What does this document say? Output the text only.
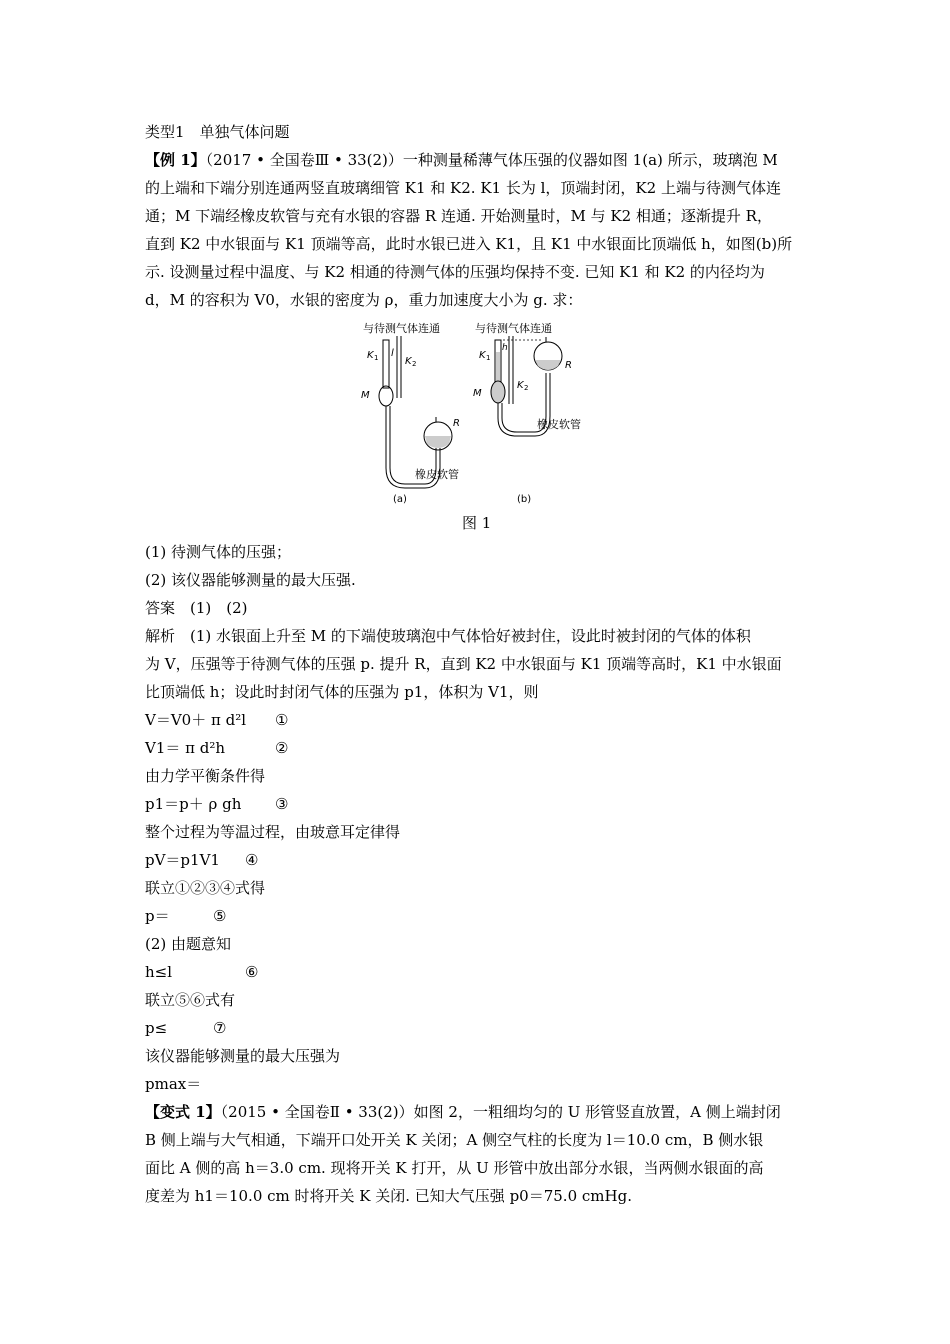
类型1　单独气体问题
【例 1】（2017 • 全国卷Ⅲ • 33(2)）一种测量稀薄气体压强的仪器如图 1(a) 所示，玻璃泡 M
的上端和下端分别连通两竖直玻璃细管 K1 和 K2. K1 长为 l，顶端封闭，K2 上端与待测气体连
通；M 下端经橡皮软管与充有水银的容器 R 连通. 开始测量时，M 与 K2 相通；逐渐提升 R，
直到 K2 中水银面与 K1 顶端等高，此时水银已进入 K1，且 K1 中水银面比顶端低 h，如图(b)所
示. 设测量过程中温度、与 K2 相通的待测气体的压强均保持不变. 已知 K1 和 K2 的内径均为
d，M 的容积为 V0，水银的密度为 ρ，重力加速度大小为 g. 求：
与待测气体连通
K 1	K 2
l
M
R
橡皮软管
(a)
与待测气体连通
K 1
h
K 2
M
R
橡皮软管
(b)
图 1
(1) 待测气体的压强；
(2) 该仪器能够测量的最大压强.
答案　(1)　(2)
解析　(1) 水银面上升至 M 的下端使玻璃泡中气体恰好被封住，设此时被封闭的气体的体积
为 V，压强等于待测气体的压强 p. 提升 R，直到 K2 中水银面与 K1 顶端等高时，K1 中水银面
比顶端低 h；设此时封闭气体的压强为 p1，体积为 V1，则
V＝V0＋ π d²l ①
V1＝ π d²h	②
由力学平衡条件得
p1＝p＋ ρ gh ③
整个过程为等温过程，由玻意耳定律得
pV＝p1V1 ④
联立①②③④式得
p＝	⑤
(2) 由题意知
h≤l	⑥
联立⑤⑥式有
p≤	⑦
该仪器能够测量的最大压强为
pmax＝
【变式 1】（2015 • 全国卷Ⅱ • 33(2)）如图 2，一粗细均匀的 U 形管竖直放置，A 侧上端封闭
B 侧上端与大气相通，下端开口处开关 K 关闭；A 侧空气柱的长度为 l＝10.0 cm，B 侧水银
面比 A 侧的高 h＝3.0 cm. 现将开关 K 打开，从 U 形管中放出部分水银，当两侧水银面的高
度差为 h1＝10.0 cm 时将开关 K 关闭. 已知大气压强 p0＝75.0 cmHg.
